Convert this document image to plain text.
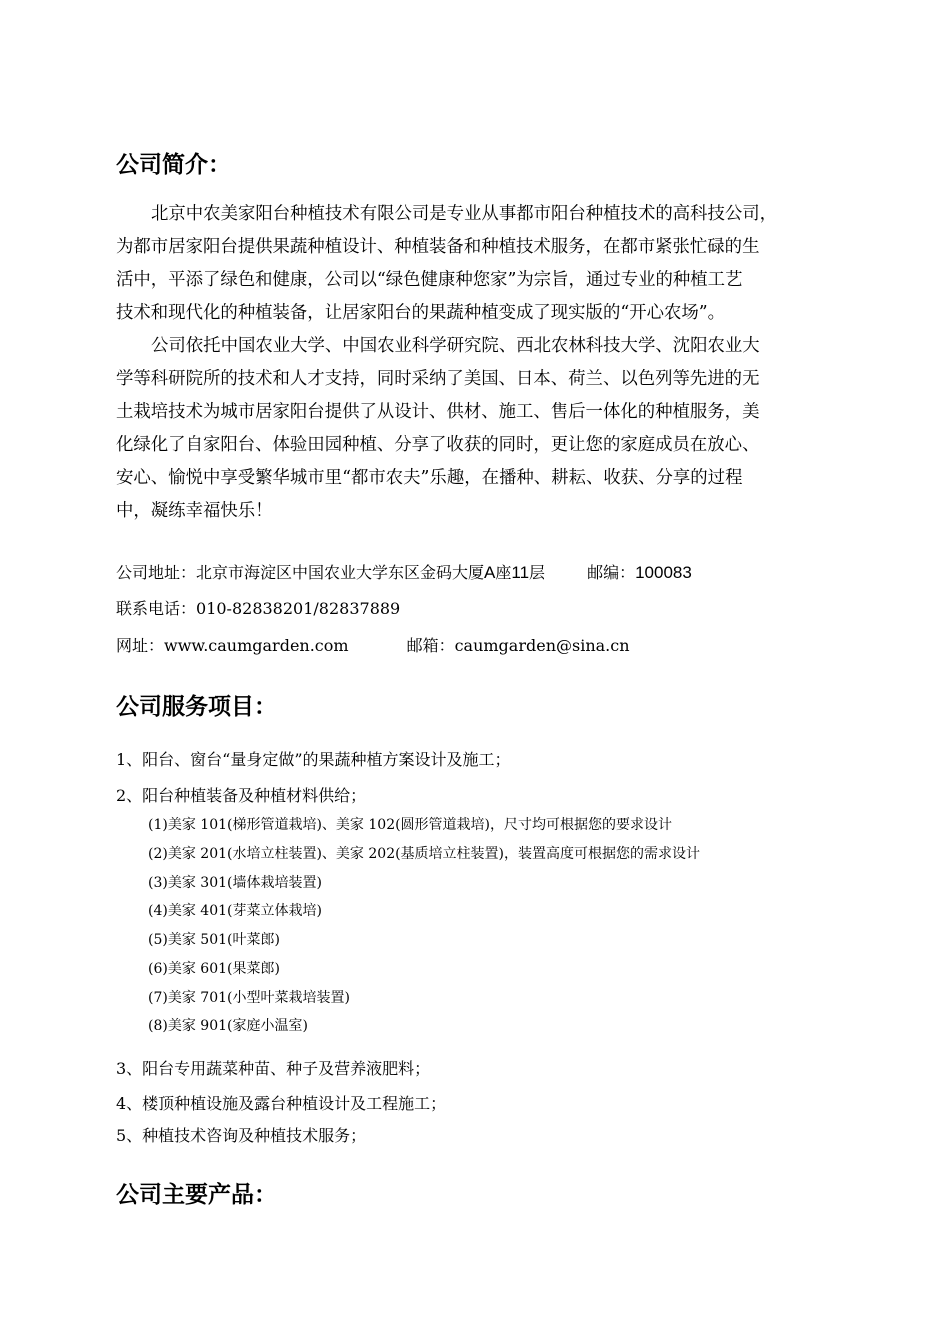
公司简介：
北京中农美家阳台种植技术有限公司是专业从事都市阳台种植技术的高科技公司，
为都市居家阳台提供果蔬种植设计、种植装备和种植技术服务，在都市紧张忙碌的生
活中，平添了绿色和健康，公司以“绿色健康种您家”为宗旨，通过专业的种植工艺
技术和现代化的种植装备，让居家阳台的果蔬种植变成了现实版的“开心农场”。
公司依托中国农业大学、中国农业科学研究院、西北农林科技大学、沈阳农业大
学等科研院所的技术和人才支持，同时采纳了美国、日本、荷兰、以色列等先进的无
土栽培技术为城市居家阳台提供了从设计、供材、施工、售后一体化的种植服务，美
化绿化了自家阳台、体验田园种植、分享了收获的同时，更让您的家庭成员在放心、
安心、愉悦中享受繁华城市里“都市农夫”乐趣，在播种、耕耘、收获、分享的过程
中，凝练幸福快乐！

公司地址：北京市海淀区中国农业大学东区金码大厦A座11层	邮编：100083

联系电话：010-82838201/82837889

网址：www.caumgarden.com	邮箱：caumgarden@sina.cn

公司服务项目：

1、阳台、窗台“量身定做”的果蔬种植方案设计及施工；

2、阳台种植装备及种植材料供给；

(1)美家 101(梯形管道栽培)、美家 102(圆形管道栽培)，尺寸均可根据您的要求设计

(2)美家 201(水培立柱装置)、美家 202(基质培立柱装置)，装置高度可根据您的需求设计

(3)美家 301(墙体栽培装置)

(4)美家 401(芽菜立体栽培)

(5)美家 501(叶菜郎)

(6)美家 601(果菜郎)

(7)美家 701(小型叶菜栽培装置)

(8)美家 901(家庭小温室)

3、阳台专用蔬菜种苗、种子及营养液肥料；

4、楼顶种植设施及露台种植设计及工程施工；

5、种植技术咨询及种植技术服务；

公司主要产品：
